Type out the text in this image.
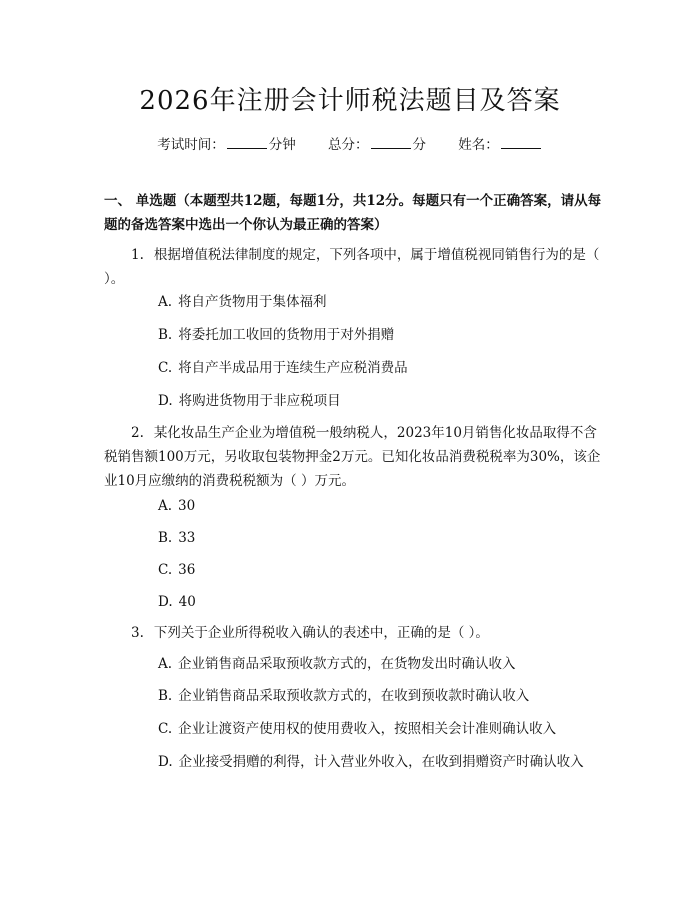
2026年注册会计师税法题目及答案
考试时间：	分钟 总分：	分 姓名：
一、 单选题（本题型共12题，每题1分，共12分。每题只有一个正确答案，请从每题的备选答案中选出一个你认为最正确的答案）
1. 根据增值税法律制度的规定，下列各项中，属于增值税视同销售行为的是（ ）。
A. 将自产货物用于集体福利
B. 将委托加工收回的货物用于对外捐赠
C. 将自产半成品用于连续生产应税消费品
D. 将购进货物用于非应税项目
2. 某化妆品生产企业为增值税一般纳税人，2023年10月销售化妆品取得不含税销售额100万元，另收取包装物押金2万元。已知化妆品消费税税率为30%，该企业10月应缴纳的消费税税额为（ ）万元。
A. 30
B. 33
C. 36
D. 40
3. 下列关于企业所得税收入确认的表述中，正确的是（ ）。
A. 企业销售商品采取预收款方式的，在货物发出时确认收入
B. 企业销售商品采取预收款方式的，在收到预收款时确认收入
C. 企业让渡资产使用权的使用费收入，按照相关会计准则确认收入
D. 企业接受捐赠的利得，计入营业外收入，在收到捐赠资产时确认收入
